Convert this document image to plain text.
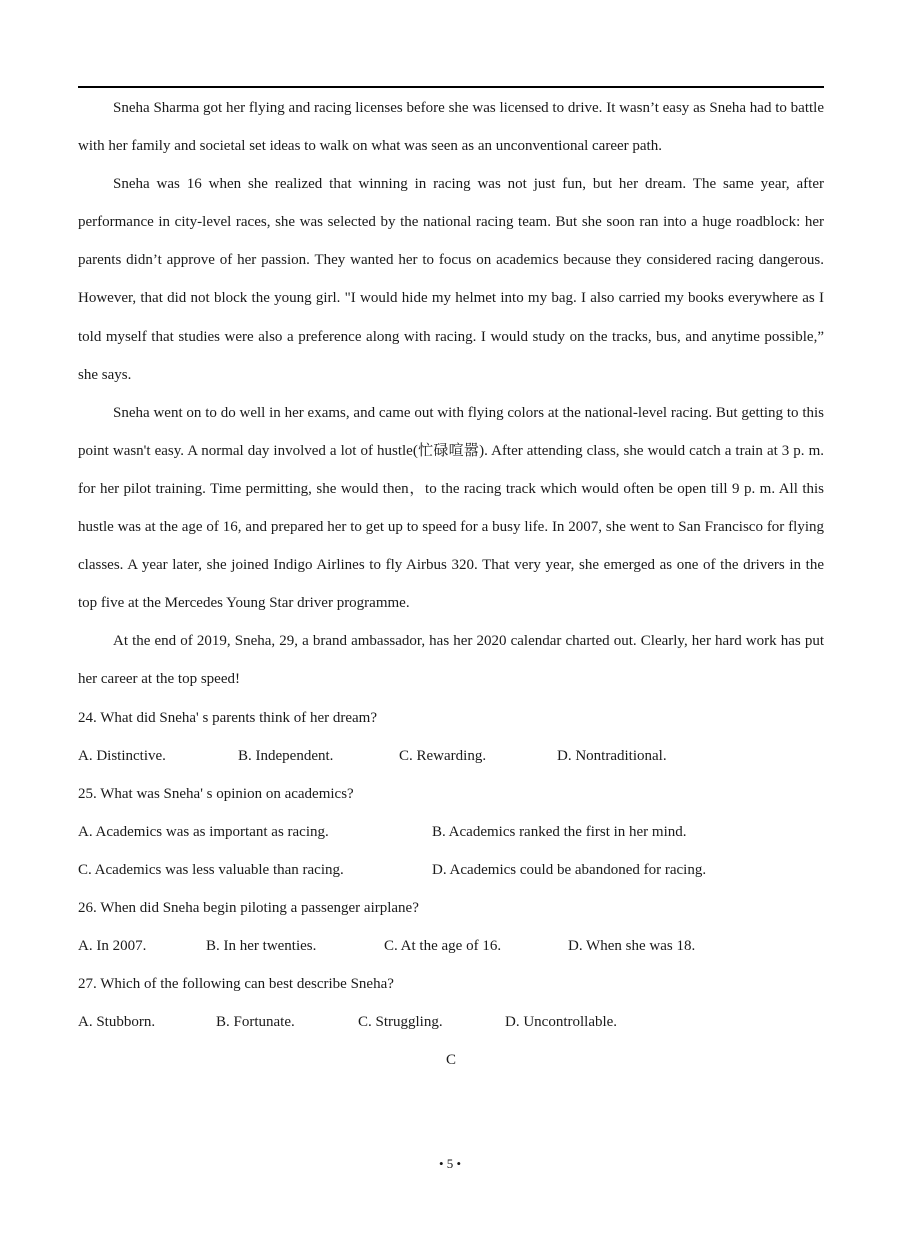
Sneha Sharma got her flying and racing licenses before she was licensed to drive. It wasn’t easy as Sneha had to battle with her family and societal set ideas to walk on what was seen as an unconventional career path.

Sneha was 16 when she realized that winning in racing was not just fun, but her dream. The same year, after performance in city-level races, she was selected by the national racing team. But she soon ran into a huge roadblock: her parents didn’t approve of her passion. They wanted her to focus on academics because they considered racing dangerous. However, that did not block the young girl. "I would hide my helmet into my bag. I also carried my books everywhere as I told myself that studies were also a preference along with racing. I would study on the tracks, bus, and anytime possible,” she says.

Sneha went on to do well in her exams, and came out with flying colors at the national-level racing. But getting to this point wasn't easy. A normal day involved a lot of hustle(忙碌喧嚣). After attending class, she would catch a train at 3 p. m. for her pilot training. Time permitting, she would then，to the racing track which would often be open till 9 p. m. All this hustle was at the age of 16, and prepared her to get up to speed for a busy life. In 2007, she went to San Francisco for flying classes. A year later, she joined Indigo Airlines to fly Airbus 320. That very year, she emerged as one of the drivers in the top five at the Mercedes Young Star driver programme.

At the end of 2019, Sneha, 29, a brand ambassador, has her 2020 calendar charted out. Clearly, her hard work has put her career at the top speed!

24. What did Sneha' s parents think of her dream?

A. Distinctive.	B. Independent.	C. Rewarding.	D. Nontraditional.

25. What was Sneha' s opinion on academics?

A. Academics was as important as racing.	B. Academics ranked the first in her mind.
C. Academics was less valuable than racing.	D. Academics could be abandoned for racing.

26. When did Sneha begin piloting a passenger airplane?

A. In 2007.	B. In her twenties.	C. At the age of 16.	D. When she was 18.

27. Which of the following can best describe Sneha?

A. Stubborn.	B. Fortunate.	C. Struggling.	D. Uncontrollable.

C

• 5 •
